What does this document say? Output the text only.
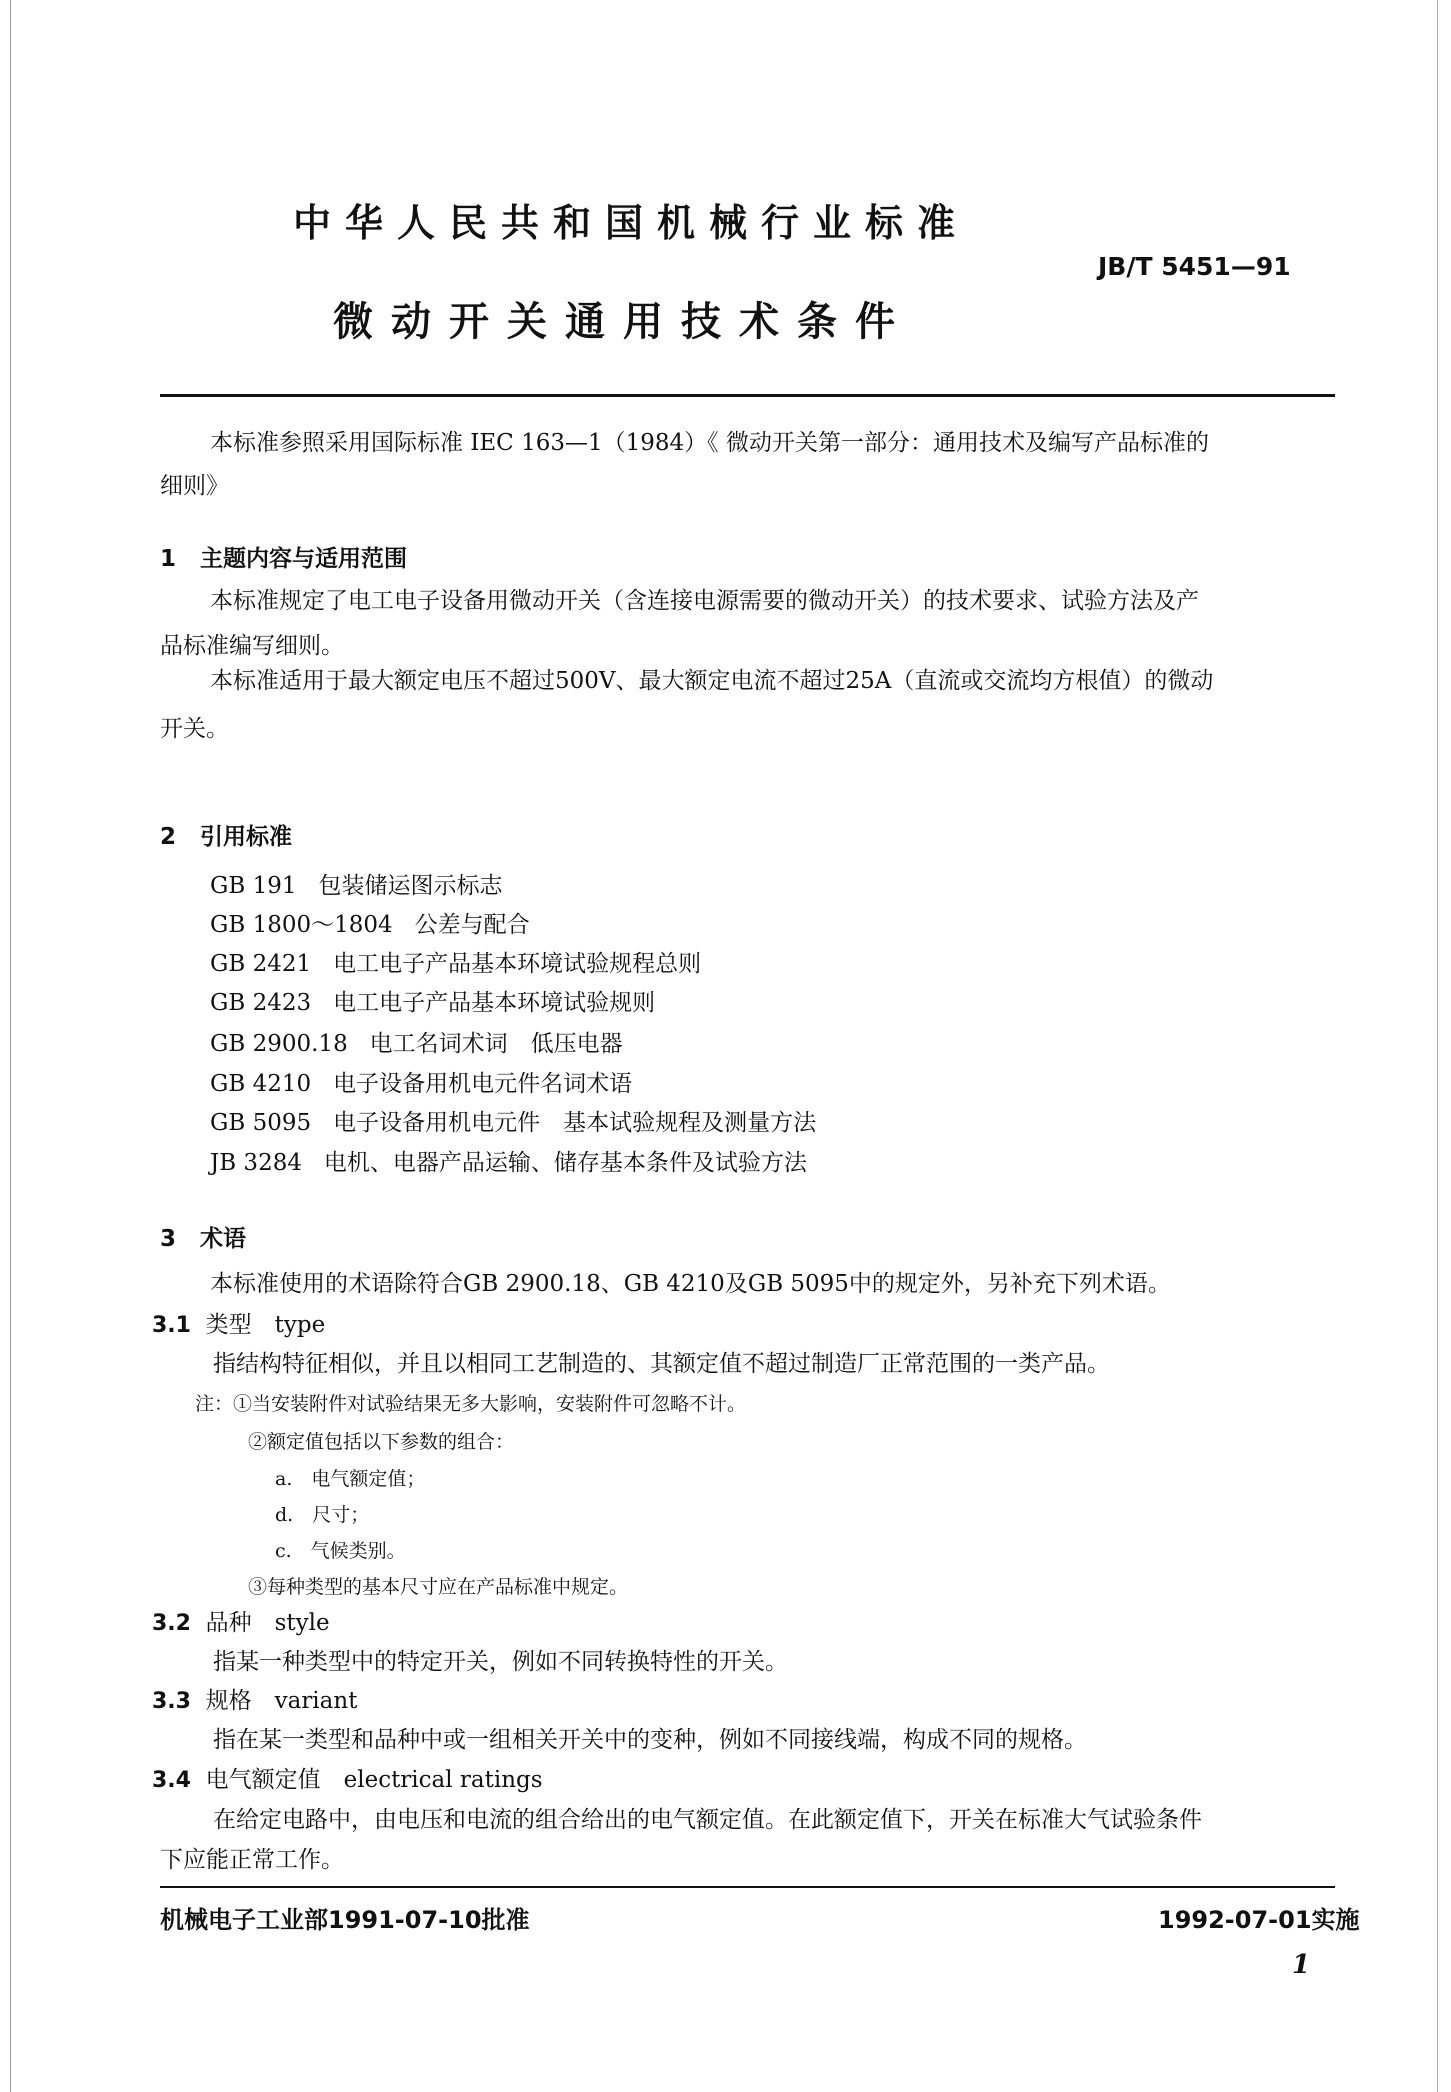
中华人民共和国机械行业标准
JB/T 5451—91
微动开关通用技术条件
本标准参照采用国际标准 IEC 163—1（1984）《 微动开关第一部分：通用技术及编写产品标准的
细则》
1 主题内容与适用范围
本标准规定了电工电子设备用微动开关（含连接电源需要的微动开关）的技术要求、试验方法及产
品标准编写细则。
本标准适用于最大额定电压不超过500V、最大额定电流不超过25A（直流或交流均方根值）的微动
开关。
2 引用标准
GB 191 包装储运图示标志
GB 1800～1804 公差与配合
GB 2421 电工电子产品基本环境试验规程总则
GB 2423 电工电子产品基本环境试验规则
GB 2900.18 电工名词术词　低压电器
GB 4210 电子设备用机电元件名词术语
GB 5095 电子设备用机电元件　基本试验规程及测量方法
JB 3284 电机、电器产品运输、储存基本条件及试验方法
3 术语
本标准使用的术语除符合GB 2900.18、GB 4210及GB 5095中的规定外，另补充下列术语。
3.1 类型　type
指结构特征相似，并且以相同工艺制造的、其额定值不超过制造厂正常范围的一类产品。
注：①当安装附件对试验结果无多大影响，安装附件可忽略不计。
②额定值包括以下参数的组合：
a.　电气额定值；
d.　尺寸；
c.　气候类别。
③每种类型的基本尺寸应在产品标准中规定。
3.2 品种　style
指某一种类型中的特定开关，例如不同转换特性的开关。
3.3 规格　variant
指在某一类型和品种中或一组相关开关中的变种，例如不同接线端，构成不同的规格。
3.4 电气额定值　electrical ratings
在给定电路中，由电压和电流的组合给出的电气额定值。在此额定值下，开关在标准大气试验条件
下应能正常工作。
机械电子工业部1991-07-10批准	1992-07-01实施
1
